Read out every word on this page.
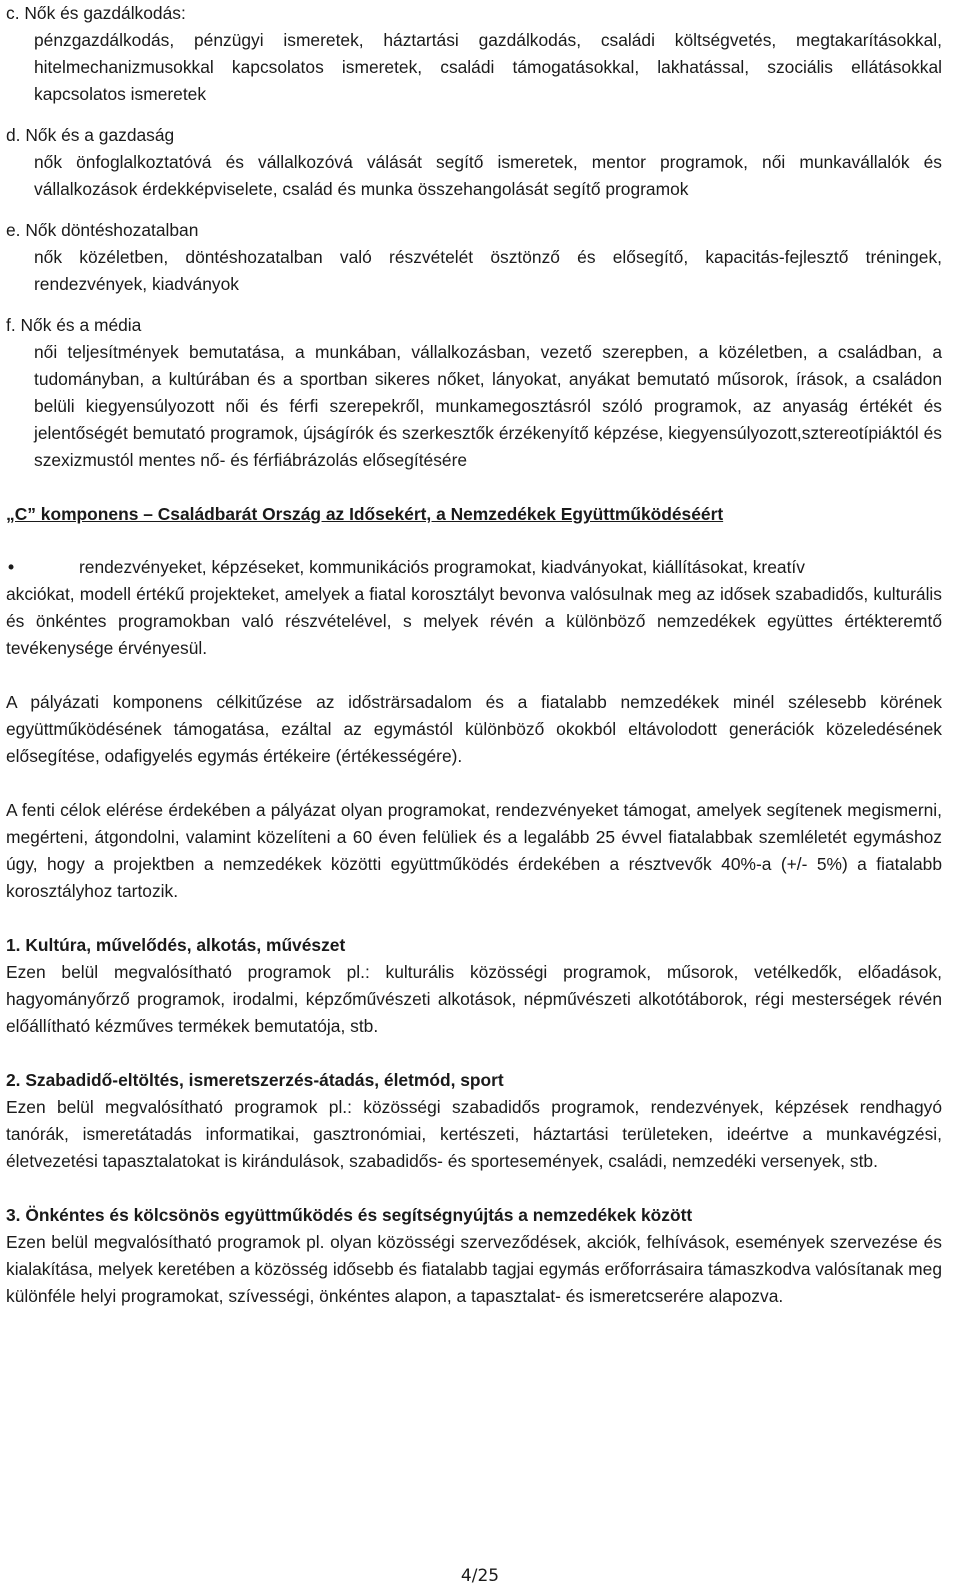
c. Nők és gazdálkodás:

pénzgazdálkodás, pénzügyi ismeretek, háztartási gazdálkodás, családi költségvetés, megtakarításokkal, hitelmechanizmusokkal kapcsolatos ismeretek, családi támogatásokkal, lakhatással, szociális ellátásokkal kapcsolatos ismeretek

d. Nők és a gazdaság

nők önfoglalkoztatóvá és vállalkozóvá válását segítő ismeretek, mentor programok, női munkavállalók és vállalkozások érdekképviselete, család és munka összehangolását segítő programok

e. Nők döntéshozatalban

nők közéletben, döntéshozatalban való részvételét ösztönző és elősegítő, kapacitás-fejlesztő tréningek, rendezvények, kiadványok

f. Nők és a média

női teljesítmények bemutatása, a munkában, vállalkozásban, vezető szerepben, a közéletben, a családban, a tudományban, a kultúrában és a sportban sikeres nőket, lányokat, anyákat bemutató műsorok, írások, a családon belüli kiegyensúlyozott női és férfi szerepekről, munkamegosztásról szóló programok, az anyaság értékét és jelentőségét bemutató programok, újságírók és szerkesztők érzékenyítő képzése, kiegyensúlyozott,sztereotípiáktól és szexizmustól mentes nő- és férfiábrázolás elősegítésére

„C” komponens – Családbarát Ország az Idősekért, a Nemzedékek Együttműködéséért

•	rendezvényeket, képzéseket, kommunikációs programokat, kiadványokat, kiállításokat, kreatív

akciókat, modell értékű projekteket, amelyek a fiatal korosztályt bevonva valósulnak meg az idősek szabadidős, kulturális és önkéntes programokban való részvételével, s melyek révén a különböző nemzedékek együttes értékteremtő tevékenysége érvényesül.

A pályázati komponens célkitűzése az idősträrsadalom és a fiatalabb nemzedékek minél szélesebb körének együttműködésének támogatása, ezáltal az egymástól különböző okokból eltávolodott generációk közeledésének elősegítése, odafigyelés egymás értékeire (értékességére).

A fenti célok elérése érdekében a pályázat olyan programokat, rendezvényeket támogat, amelyek segítenek megismerni, megérteni, átgondolni, valamint közelíteni a 60 éven felüliek és a legalább 25 évvel fiatalabbak szemléletét egymáshoz úgy, hogy a projektben a nemzedékek közötti együttműködés érdekében a résztvevők 40%-a (+/- 5%) a fiatalabb korosztályhoz tartozik.

1. Kultúra, művelődés, alkotás, művészet

Ezen belül megvalósítható programok pl.: kulturális közösségi programok, műsorok, vetélkedők, előadások, hagyományőrző programok, irodalmi, képzőművészeti alkotások, népművészeti alkotótáborok, régi mesterségek révén előállítható kézműves termékek bemutatója, stb.

2. Szabadidő-eltöltés, ismeretszerzés-átadás, életmód, sport

Ezen belül megvalósítható programok pl.: közösségi szabadidős programok, rendezvények, képzések rendhagyó tanórák, ismeretátadás informatikai, gasztronómiai, kertészeti, háztartási területeken, ideértve a munkavégzési, életvezetési tapasztalatokat is kirándulások, szabadidős- és sportesemények, családi, nemzedéki versenyek, stb.

3. Önkéntes és kölcsönös együttműködés és segítségnyújtás a nemzedékek között

Ezen belül megvalósítható programok pl. olyan közösségi szerveződések, akciók, felhívások, események szervezése és kialakítása, melyek keretében a közösség idősebb és fiatalabb tagjai egymás erőforrásaira támaszkodva valósítanak meg különféle helyi programokat, szívességi, önkéntes alapon, a tapasztalat- és ismeretcserére alapozva.

4/25
